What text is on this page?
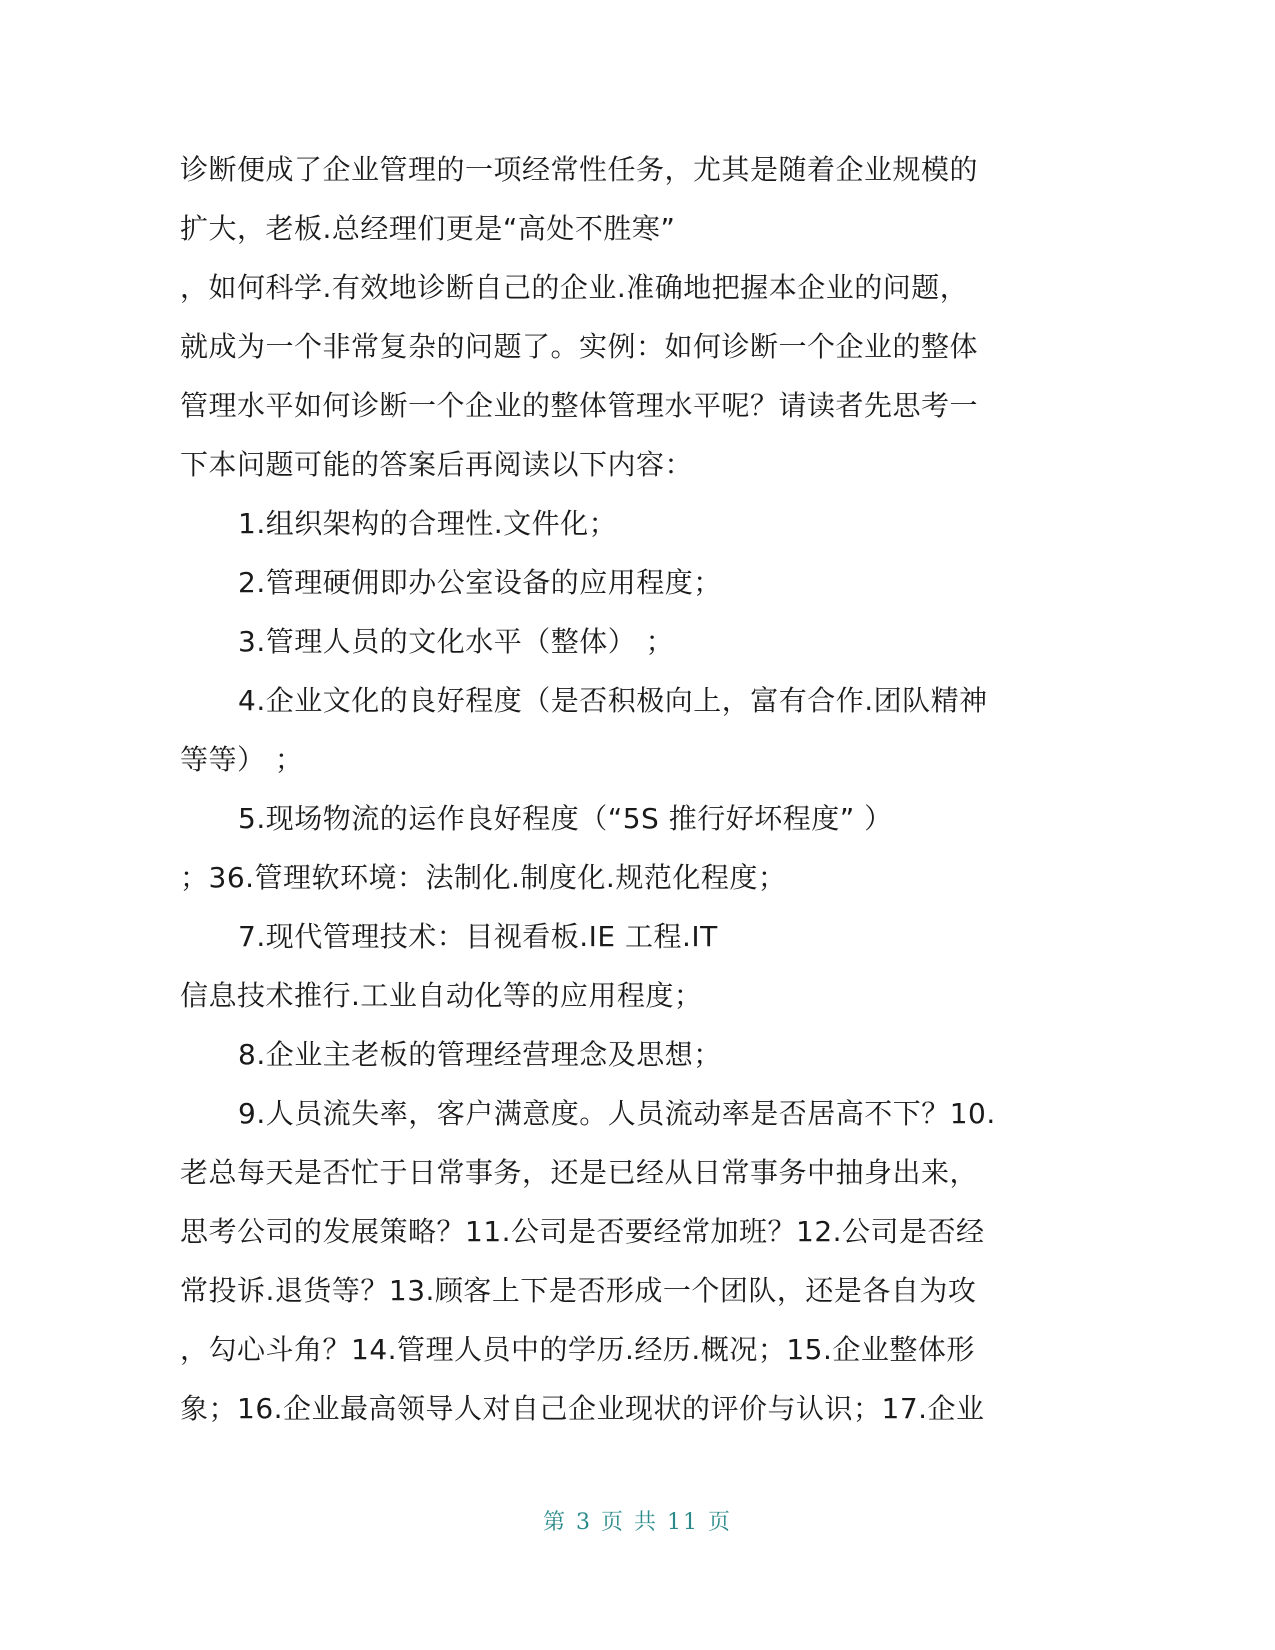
诊断便成了企业管理的一项经常性任务，尤其是随着企业规模的
扩大，老板.总经理们更是“高处不胜寒”
，如何科学.有效地诊断自己的企业.准确地把握本企业的问题，
就成为一个非常复杂的问题了。实例：如何诊断一个企业的整体
管理水平如何诊断一个企业的整体管理水平呢？请读者先思考一
下本问题可能的答案后再阅读以下内容：
1.组织架构的合理性.文件化；
2.管理硬佣即办公室设备的应用程度；
3.管理人员的文化水平（整体） ；
4.企业文化的良好程度（是否积极向上，富有合作.团队精神
等等） ；
5.现场物流的运作良好程度（“5S 推行好坏程度” ）
；36.管理软环境：法制化.制度化.规范化程度；
7.现代管理技术：目视看板.IE 工程.IT
信息技术推行.工业自动化等的应用程度；
8.企业主老板的管理经营理念及思想；
9.人员流失率，客户满意度。人员流动率是否居高不下？10.
老总每天是否忙于日常事务，还是已经从日常事务中抽身出来，
思考公司的发展策略？11.公司是否要经常加班？12.公司是否经
常投诉.退货等？13.顾客上下是否形成一个团队，还是各自为攻
，勾心斗角？14.管理人员中的学历.经历.概况；15.企业整体形
象；16.企业最高领导人对自己企业现状的评价与认识；17.企业
第 3 页 共 11 页
